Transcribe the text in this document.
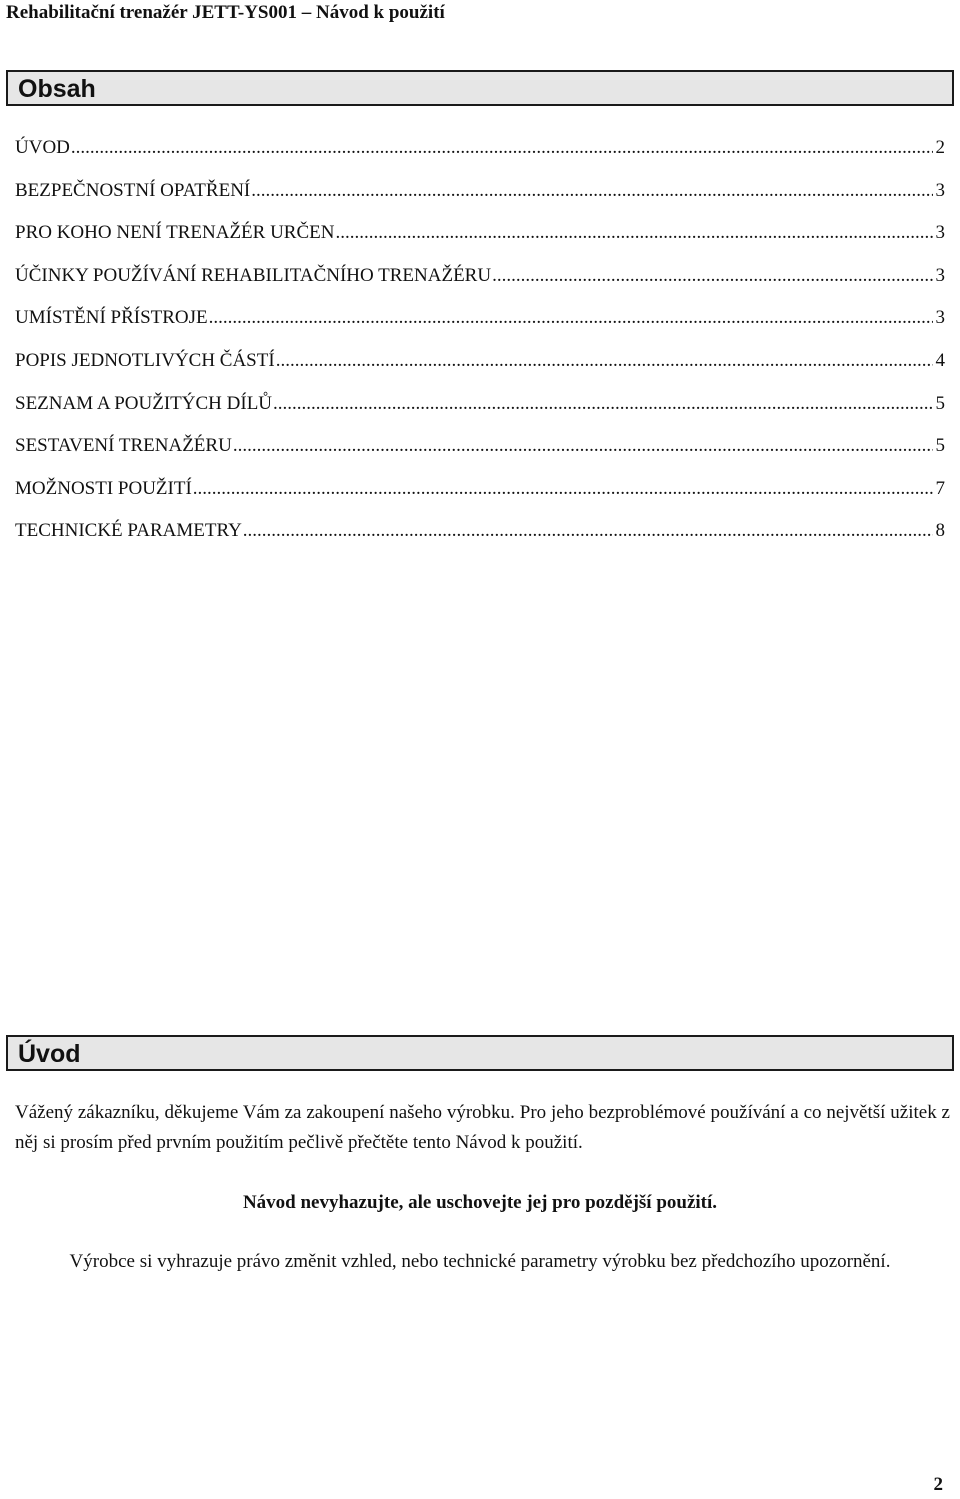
Rehabilitační trenažér JETT-YS001 – Návod k použití
Obsah
ÚVOD .....	2
BEZPEČNOSTNÍ OPATŘENÍ .....	3
PRO KOHO NENÍ TRENAŽÉR URČEN .....	3
ÚČINKY POUŽÍVÁNÍ REHABILITAČNÍHO TRENAŽÉRU .....	3
UMÍSTĚNÍ PŘÍSTROJE .....	3
POPIS JEDNOTLIVÝCH ČÁSTÍ .....	4
SEZNAM A POUŽITÝCH DÍLŮ .....	5
SESTAVENÍ TRENAŽÉRU .....	5
MOŽNOSTI POUŽITÍ .....	7
TECHNICKÉ PARAMETRY .....	8
Úvod

Vážený zákazníku, děkujeme Vám za zakoupení našeho výrobku. Pro jeho bezproblémové používání a co největší užitek z něj si prosím před prvním použitím pečlivě přečtěte tento Návod k použití.

Návod nevyhazujte, ale uschovejte jej pro pozdější použití.

Výrobce si vyhrazuje právo změnit vzhled, nebo technické parametry výrobku bez předchozího upozornění.

2
